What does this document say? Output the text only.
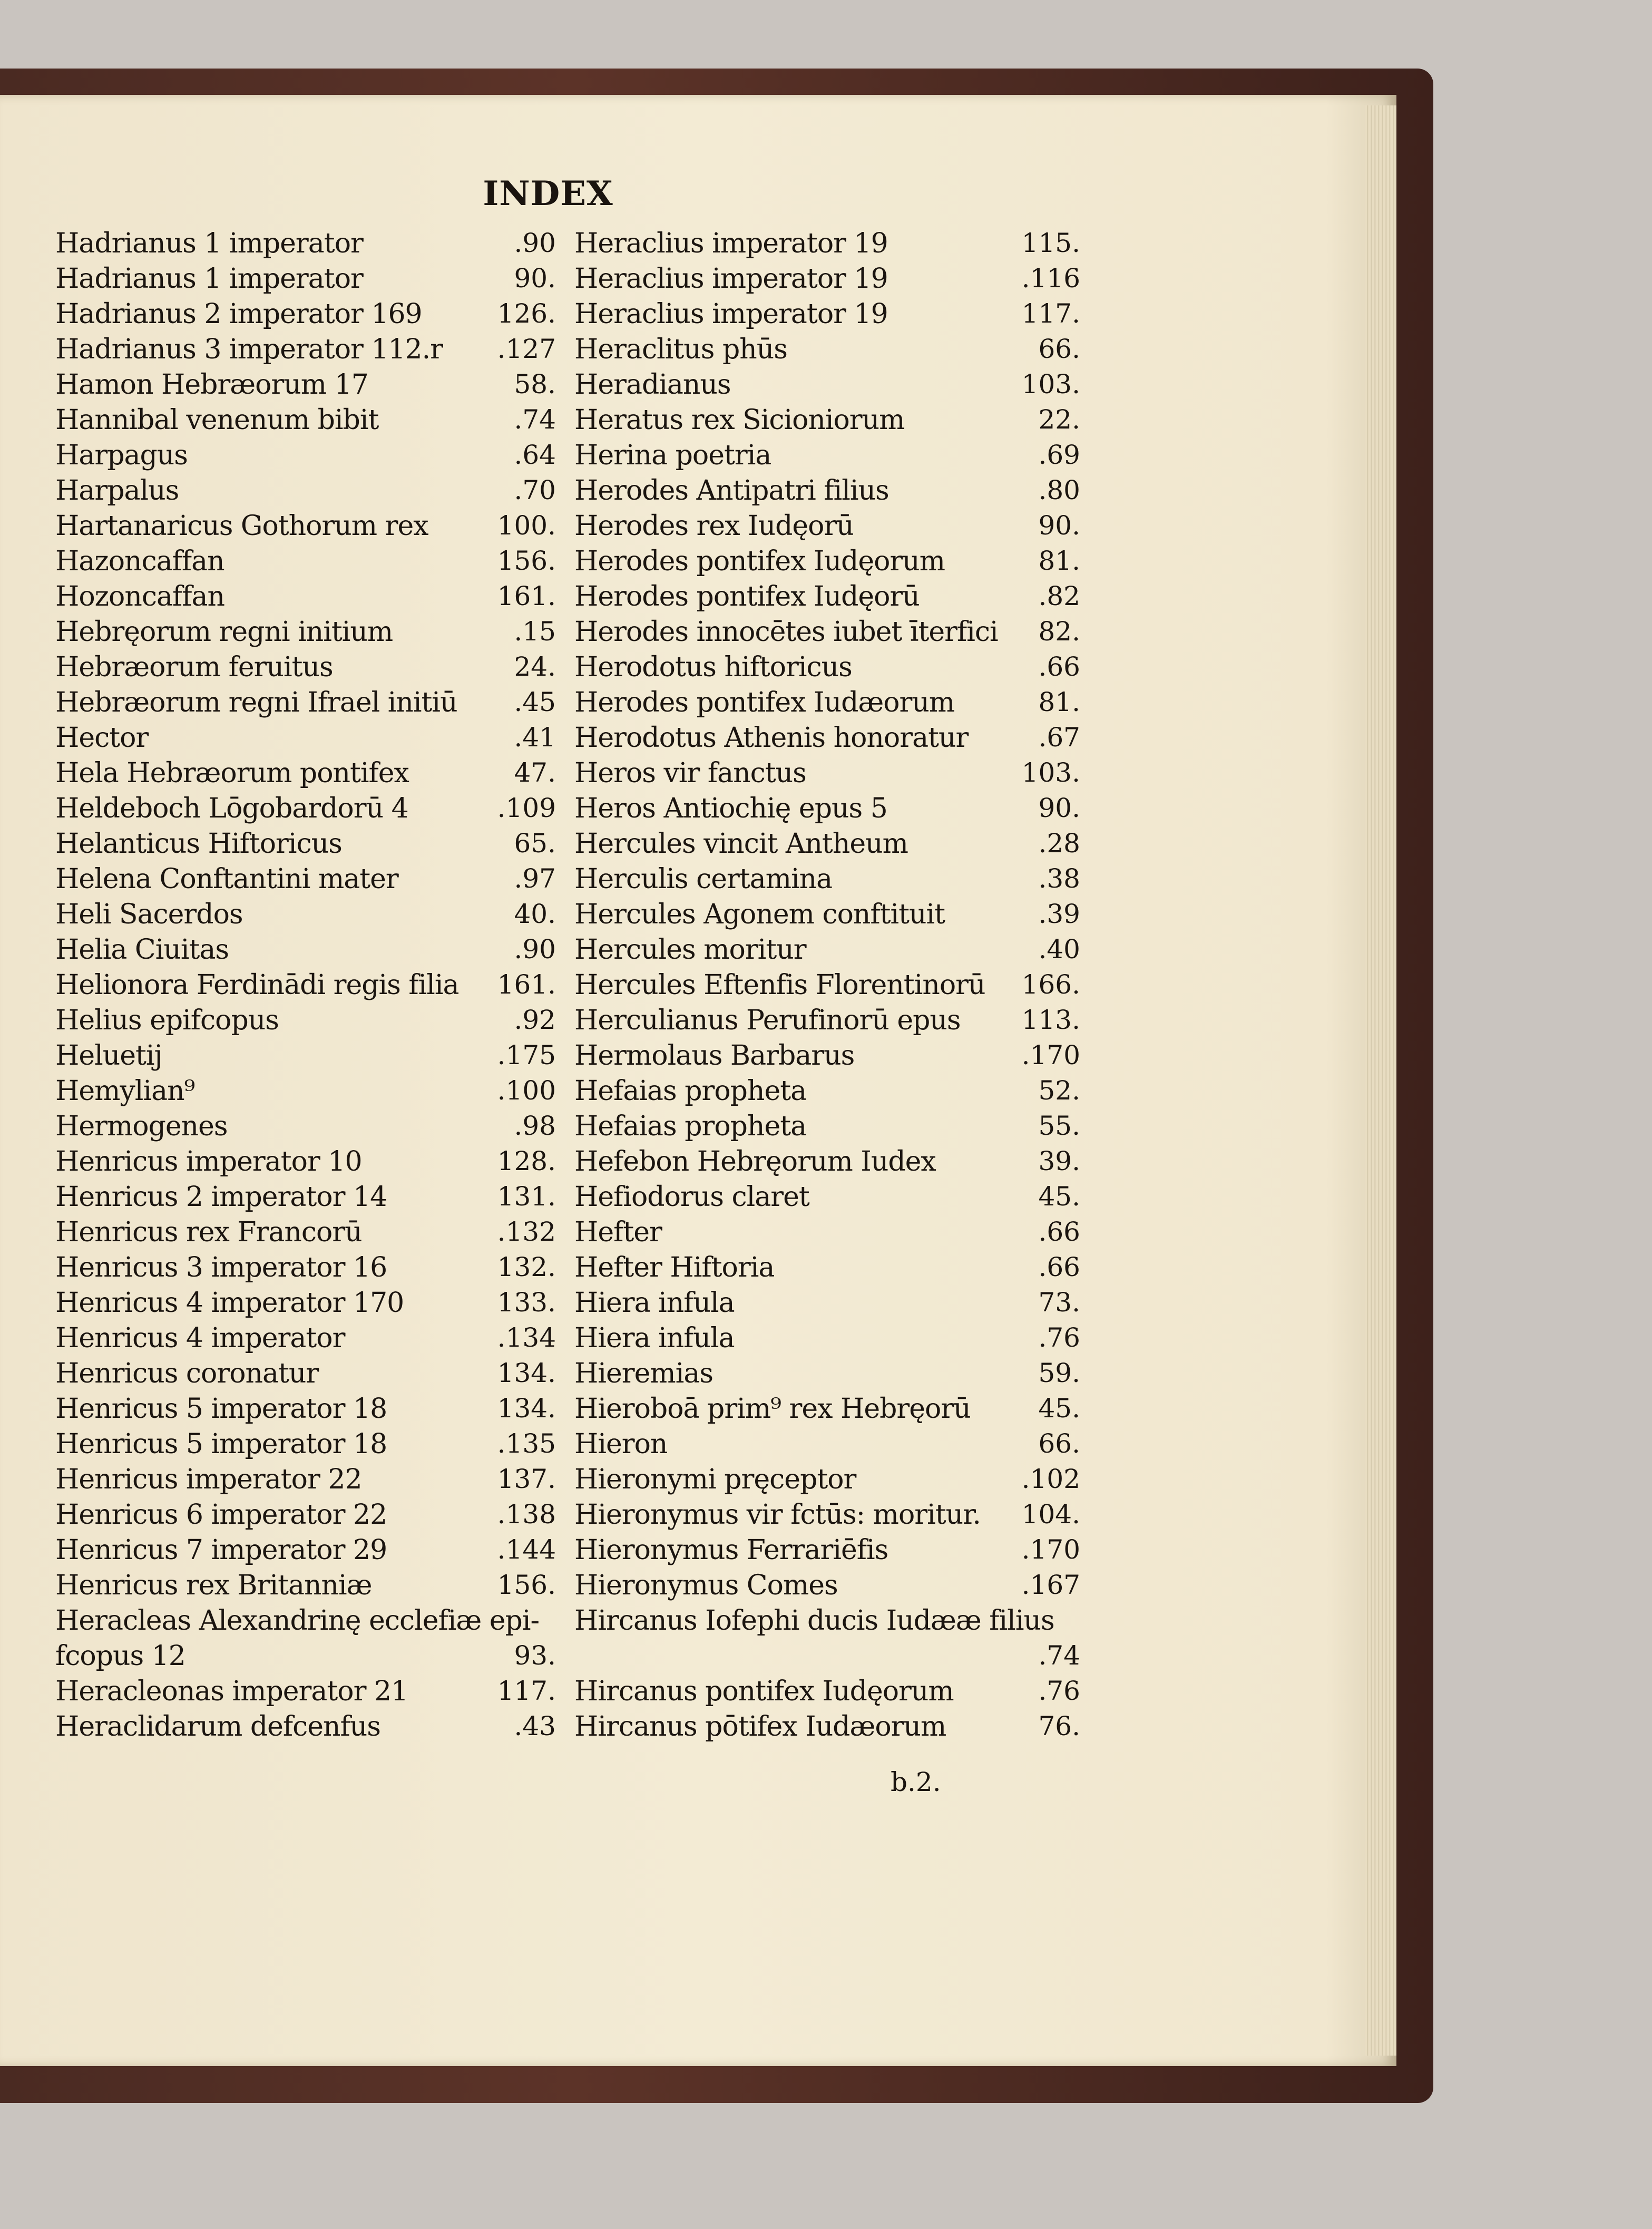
INDEX
Hadrianus 1 imperator	.90
Hadrianus 1 imperator	90.
Hadrianus 2 imperator 169	126.
Hadrianus 3 imperator 112.r .127
Hamon Hebræorum 17	58.
Hannibal venenum bibit	.74
Harpagus	.64
Harpalus	.70
Hartanaricus Gothorum rex	100.
Hazoncaffan	156.
Hozoncaffan	161.
Hebręorum regni initium	.15
Hebræorum feruitus	24.
Hebræorum regni Ifrael initiū .45
Hector	.41
Hela Hebræorum pontifex	47.
Heldeboch Lōgobardorū 4	.109
Helanticus Hiftoricus	65.
Helena Conftantini mater	.97
Heli Sacerdos	40.
Helia Ciuitas	.90
Helionora Ferdinādi regis filia 161.
Helius epifcopus	.92
Heluetij	.175
Hemylian⁹	.100
Hermogenes	.98
Henricus imperator 10	128.
Henricus 2 imperator 14	131.
Henricus rex Francorū	.132
Henricus 3 imperator 16	132.
Henricus 4 imperator 170	133.
Henricus 4 imperator	.134
Henricus coronatur	134.
Henricus 5 imperator 18	134.
Henricus 5 imperator 18	.135
Henricus imperator 22	137.
Henricus 6 imperator 22	.138
Henricus 7 imperator 29	.144
Henricus rex Britanniæ	156.
Heracleas Alexandrinę ecclefiæ epi-
fcopus 12	93.
Heracleonas imperator 21	117.
Heraclidarum defcenfus	.43
Heraclius imperator 19	115.
Heraclius imperator 19	.116
Heraclius imperator 19	117.
Heraclitus phūs	66.
Heradianus	103.
Heratus rex Sicioniorum	22.
Herina poetria	.69
Herodes Antipatri filius	.80
Herodes rex Iudęorū	90.
Herodes pontifex Iudęorum	81.
Herodes pontifex Iudęorū	.82
Herodes innocētes iubet īterfici 82.
Herodotus hiftoricus	.66
Herodes pontifex Iudæorum	81.
Herodotus Athenis honoratur	.67
Heros vir fanctus	103.
Heros Antiochię epus 5	90.
Hercules vincit Antheum	.28
Herculis certamina	.38
Hercules Agonem conftituit	.39
Hercules moritur	.40
Hercules Eftenfis Florentinorū 166.
Herculianus Perufinorū epus 113.
Hermolaus Barbarus	.170
Hefaias propheta	52.
Hefaias propheta	55.
Hefebon Hebręorum Iudex	39.
Hefiodorus claret	45.
Hefter	.66
Hefter Hiftoria	.66
Hiera infula	73.
Hiera infula	.76
Hieremias	59.
Hieroboā prim⁹ rex Hebręorū	45.
Hieron	66.
Hieronymi pręceptor	.102
Hieronymus vir fctūs: moritur. 104.
Hieronymus Ferrariēfis	.170
Hieronymus Comes	.167
Hircanus Iofephi ducis Iudææ filius
.74
Hircanus pontifex Iudęorum	.76
Hircanus pōtifex Iudæorum	76.
b.2.
